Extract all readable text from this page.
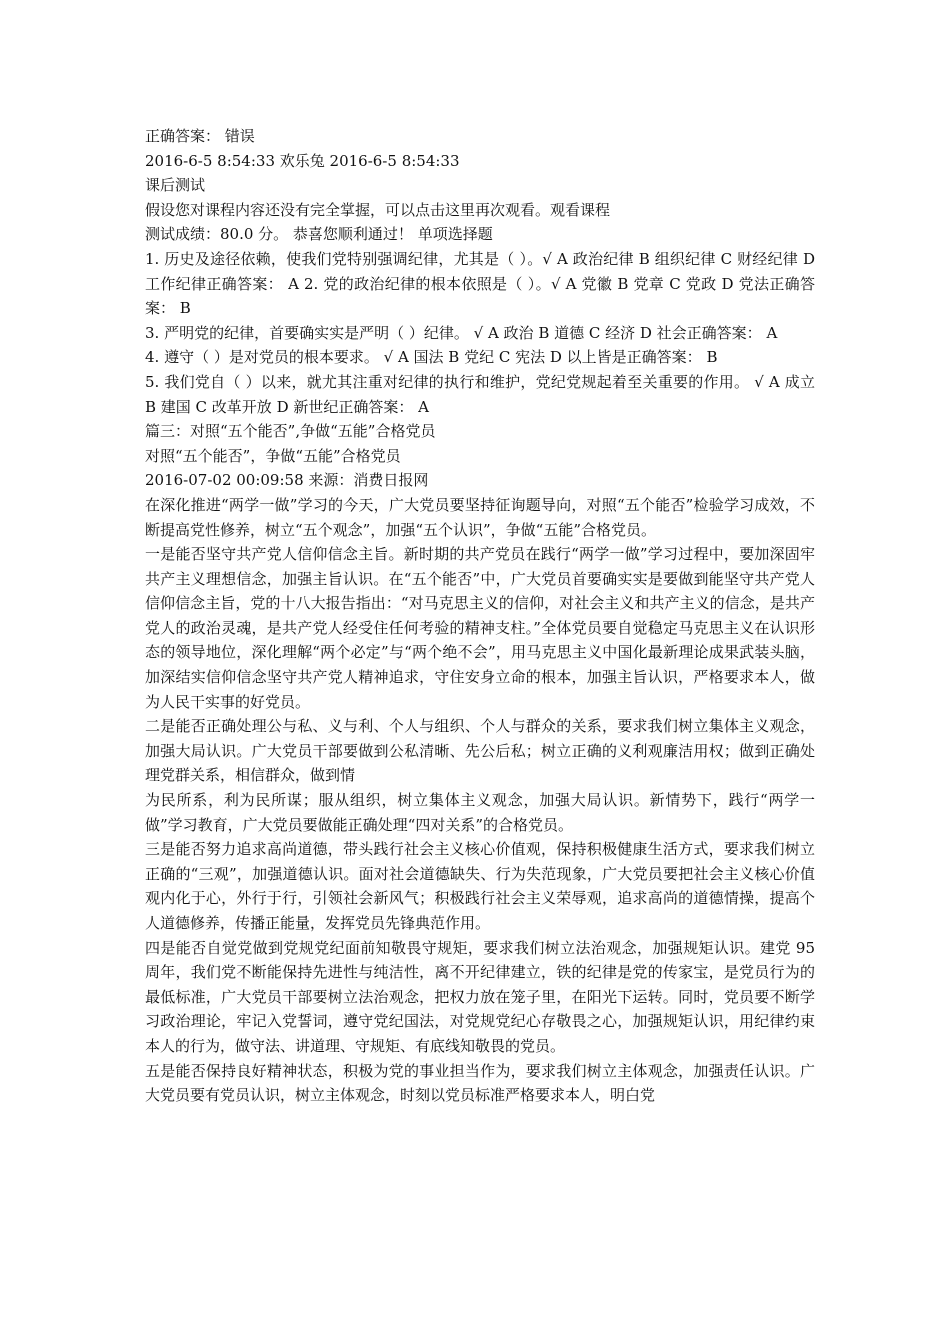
正确答案： 错误

2016-6-5 8:54:33 欢乐兔 2016-6-5 8:54:33

课后测试

假设您对课程内容还没有完全掌握，可以点击这里再次观看。观看课程

测试成绩：80.0 分。 恭喜您顺利通过！ 单项选择题

1. 历史及途径依赖，使我们党特别强调纪律，尤其是（ ）。√ A 政治纪律 B 组织纪律 C 财经纪律 D 工作纪律正确答案： A 2. 党的政治纪律的根本依照是（ ）。√ A 党徽 B 党章 C 党政 D 党法正确答案： B

3. 严明党的纪律，首要确实实是严明（ ）纪律。 √ A 政治 B 道德 C 经济 D 社会正确答案： A

4. 遵守（ ）是对党员的根本要求。 √ A 国法 B 党纪 C 宪法 D 以上皆是正确答案： B

5. 我们党自（ ）以来，就尤其注重对纪律的执行和维护，党纪党规起着至关重要的作用。 √ A 成立 B 建国 C 改革开放 D 新世纪正确答案： A

篇三：对照“五个能否”,争做“五能”合格党员

对照“五个能否”，争做“五能”合格党员

2016-07-02 00:09:58 来源：消费日报网

在深化推进“两学一做”学习的今天，广大党员要坚持征询题导向，对照“五个能否”检验学习成效，不断提高党性修养，树立“五个观念”，加强“五个认识”，争做“五能”合格党员。

一是能否坚守共产党人信仰信念主旨。新时期的共产党员在践行“两学一做”学习过程中，要加深固牢共产主义理想信念，加强主旨认识。在“五个能否”中，广大党员首要确实实是要做到能坚守共产党人信仰信念主旨，党的十八大报告指出：“对马克思主义的信仰，对社会主义和共产主义的信念，是共产党人的政治灵魂，是共产党人经受住任何考验的精神支柱。”全体党员要自觉稳定马克思主义在认识形态的领导地位，深化理解“两个必定”与“两个绝不会”，用马克思主义中国化最新理论成果武装头脑，加深结实信仰信念坚守共产党人精神追求，守住安身立命的根本，加强主旨认识，严格要求本人，做为人民干实事的好党员。

二是能否正确处理公与私、义与利、个人与组织、个人与群众的关系，要求我们树立集体主义观念，加强大局认识。广大党员干部要做到公私清晰、先公后私；树立正确的义利观廉洁用权；做到正确处理党群关系，相信群众，做到情

为民所系，利为民所谋；服从组织，树立集体主义观念，加强大局认识。新情势下，践行“两学一做”学习教育，广大党员要做能正确处理“四对关系”的合格党员。

三是能否努力追求高尚道德，带头践行社会主义核心价值观，保持积极健康生活方式，要求我们树立正确的“三观”，加强道德认识。面对社会道德缺失、行为失范现象，广大党员要把社会主义核心价值观内化于心，外行于行，引领社会新风气；积极践行社会主义荣辱观，追求高尚的道德情操，提高个人道德修养，传播正能量，发挥党员先锋典范作用。

四是能否自觉党做到党规党纪面前知敬畏守规矩，要求我们树立法治观念，加强规矩认识。建党 95 周年，我们党不断能保持先进性与纯洁性，离不开纪律建立，铁的纪律是党的传家宝，是党员行为的最低标准，广大党员干部要树立法治观念，把权力放在笼子里，在阳光下运转。同时，党员要不断学习政治理论，牢记入党誓词，遵守党纪国法，对党规党纪心存敬畏之心，加强规矩认识，用纪律约束本人的行为，做守法、讲道理、守规矩、有底线知敬畏的党员。

五是能否保持良好精神状态，积极为党的事业担当作为，要求我们树立主体观念，加强责任认识。广大党员要有党员认识，树立主体观念，时刻以党员标准严格要求本人，明白党
